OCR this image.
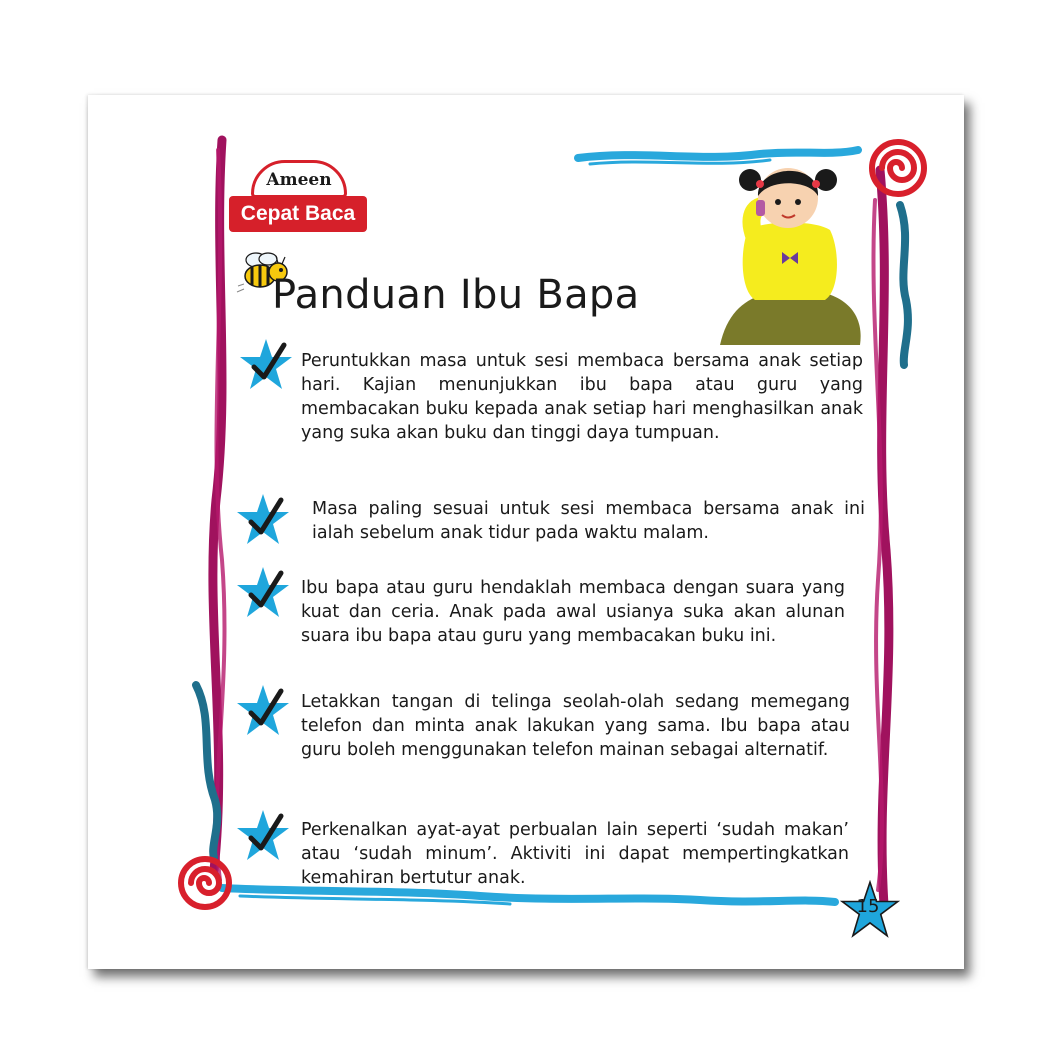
Ameen
Cepat Baca
Panduan Ibu Bapa

Peruntukkan masa untuk sesi membaca bersama anak setiap hari. Kajian menunjukkan ibu bapa atau guru yang membacakan buku kepada anak setiap hari menghasilkan anak yang suka akan buku dan tinggi daya tumpuan.

Masa paling sesuai untuk sesi membaca bersama anak ini ialah sebelum anak tidur pada waktu malam.

Ibu bapa atau guru hendaklah membaca dengan suara yang kuat dan ceria. Anak pada awal usianya suka akan alunan suara ibu bapa atau guru yang membacakan buku ini.

Letakkan tangan di telinga seolah-olah sedang memegang telefon dan minta anak lakukan yang sama. Ibu bapa atau guru boleh menggunakan telefon mainan sebagai alternatif.

Perkenalkan ayat-ayat perbualan lain seperti ‘sudah makan’ atau ‘sudah minum’. Aktiviti ini dapat mempertingkatkan kemahiran bertutur anak.

15
